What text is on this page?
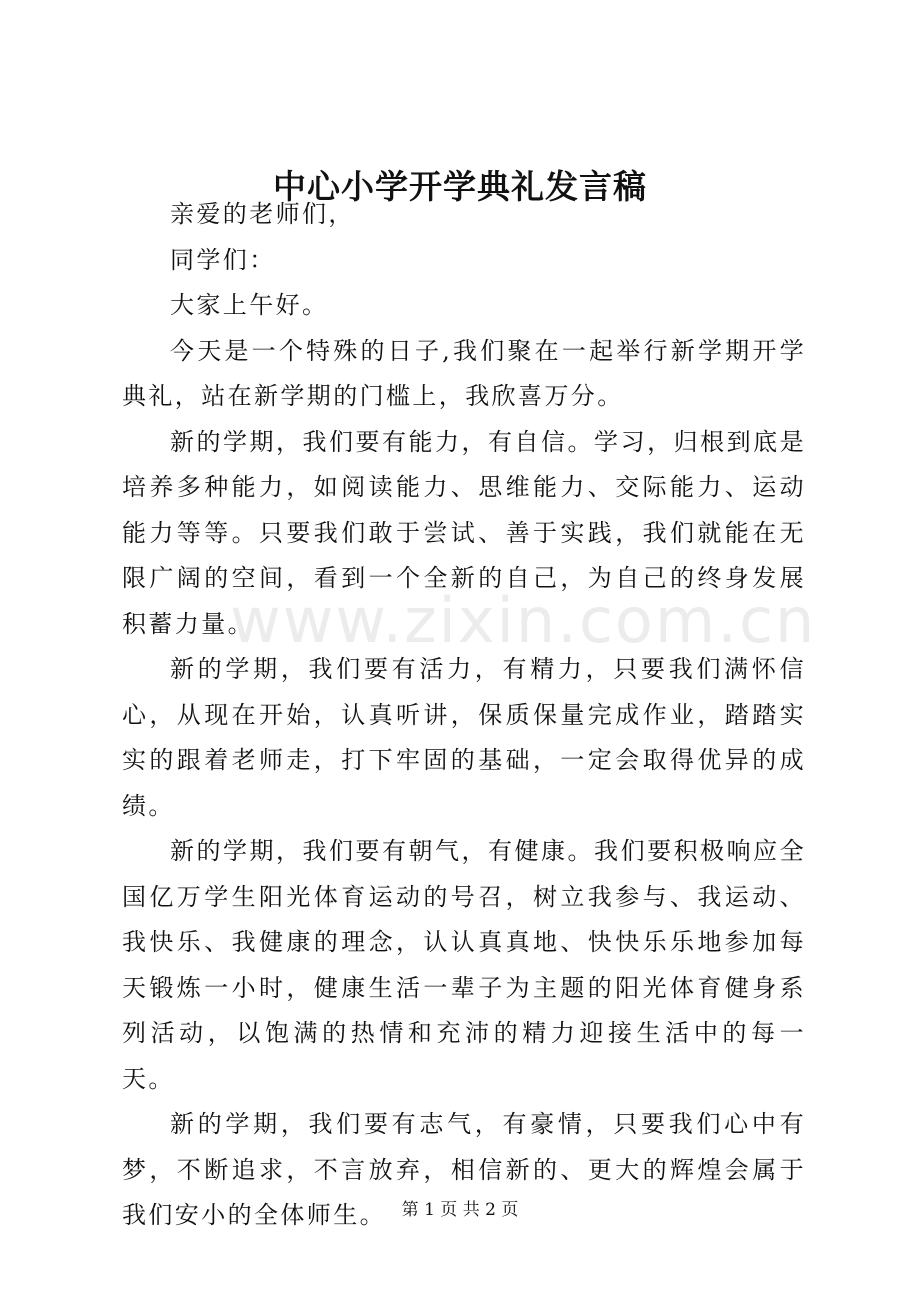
中心小学开学典礼发言稿

亲爱的老师们，

同学们：

大家上午好。

今天是一个特殊的日子,我们聚在一起举行新学期开学典礼，站在新学期的门槛上，我欣喜万分。

新的学期，我们要有能力，有自信。学习，归根到底是培养多种能力，如阅读能力、思维能力、交际能力、运动能力等等。只要我们敢于尝试、善于实践，我们就能在无限广阔的空间，看到一个全新的自己，为自己的终身发展积蓄力量。

新的学期，我们要有活力，有精力，只要我们满怀信心，从现在开始，认真听讲，保质保量完成作业，踏踏实实的跟着老师走，打下牢固的基础，一定会取得优异的成绩。

新的学期，我们要有朝气，有健康。我们要积极响应全国亿万学生阳光体育运动的号召，树立我参与、我运动、我快乐、我健康的理念，认认真真地、快快乐乐地参加每天锻炼一小时，健康生活一辈子为主题的阳光体育健身系列活动，以饱满的热情和充沛的精力迎接生活中的每一天。

新的学期，我们要有志气，有豪情，只要我们心中有梦，不断追求，不言放弃，相信新的、更大的辉煌会属于我们安小的全体师生。

www.zixin.com.cn
第 1 页 共 2 页
